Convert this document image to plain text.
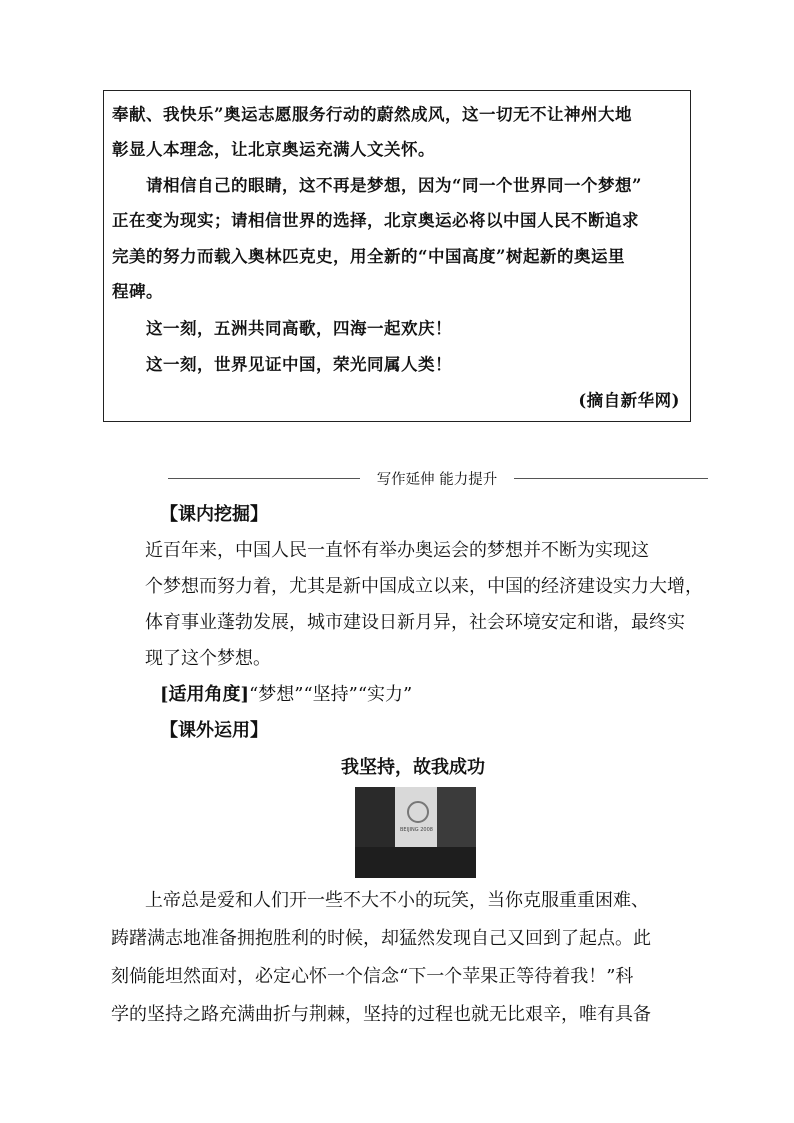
奉献、我快乐”奥运志愿服务行动的蔚然成风，这一切无不让神州大地

彰显人本理念，让北京奥运充满人文关怀。

请相信自己的眼睛，这不再是梦想，因为“同一个世界同一个梦想”

正在变为现实；请相信世界的选择，北京奥运必将以中国人民不断追求

完美的努力而载入奥林匹克史，用全新的“中国高度”树起新的奥运里

程碑。

这一刻，五洲共同高歌，四海一起欢庆！

这一刻，世界见证中国，荣光同属人类！

(摘自新华网)

写作延伸 能力提升

【课内挖掘】

近百年来，中国人民一直怀有举办奥运会的梦想并不断为实现这

个梦想而努力着，尤其是新中国成立以来，中国的经济建设实力大增，

体育事业蓬勃发展，城市建设日新月异，社会环境安定和谐，最终实

现了这个梦想。

[适用角度]“梦想”“坚持”“实力”

【课外运用】

我坚持，故我成功

BEIJING 2008

上帝总是爱和人们开一些不大不小的玩笑，当你克服重重困难、

踌躇满志地准备拥抱胜利的时候，却猛然发现自己又回到了起点。此

刻倘能坦然面对，必定心怀一个信念“下一个苹果正等待着我！”科

学的坚持之路充满曲折与荆棘，坚持的过程也就无比艰辛，唯有具备
